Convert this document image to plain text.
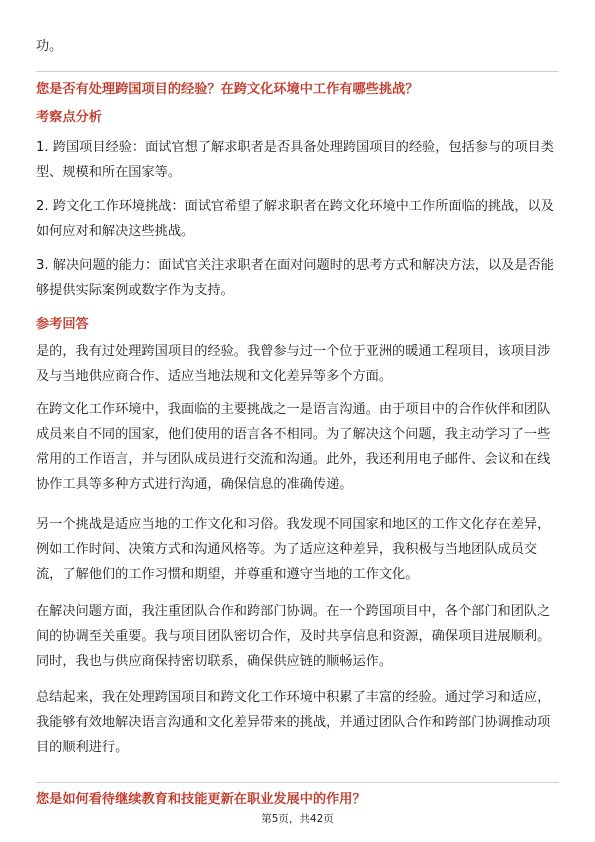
功。

您是否有处理跨国项目的经验？在跨文化环境中工作有哪些挑战？

考察点分析

1. 跨国项目经验：面试官想了解求职者是否具备处理跨国项目的经验，包括参与的项目类型、规模和所在国家等。

2. 跨文化工作环境挑战：面试官希望了解求职者在跨文化环境中工作所面临的挑战，以及如何应对和解决这些挑战。

3. 解决问题的能力：面试官关注求职者在面对问题时的思考方式和解决方法，以及是否能够提供实际案例或数字作为支持。

参考回答

是的，我有过处理跨国项目的经验。我曾参与过一个位于亚洲的暖通工程项目，该项目涉及与当地供应商合作、适应当地法规和文化差异等多个方面。

在跨文化工作环境中，我面临的主要挑战之一是语言沟通。由于项目中的合作伙伴和团队成员来自不同的国家，他们使用的语言各不相同。为了解决这个问题，我主动学习了一些常用的工作语言，并与团队成员进行交流和沟通。此外，我还利用电子邮件、会议和在线协作工具等多种方式进行沟通，确保信息的准确传递。

另一个挑战是适应当地的工作文化和习俗。我发现不同国家和地区的工作文化存在差异，例如工作时间、决策方式和沟通风格等。为了适应这种差异，我积极与当地团队成员交流，了解他们的工作习惯和期望，并尊重和遵守当地的工作文化。

在解决问题方面，我注重团队合作和跨部门协调。在一个跨国项目中，各个部门和团队之间的协调至关重要。我与项目团队密切合作，及时共享信息和资源，确保项目进展顺利。同时，我也与供应商保持密切联系，确保供应链的顺畅运作。

总结起来，我在处理跨国项目和跨文化工作环境中积累了丰富的经验。通过学习和适应，我能够有效地解决语言沟通和文化差异带来的挑战，并通过团队合作和跨部门协调推动项目的顺利进行。

您是如何看待继续教育和技能更新在职业发展中的作用？

第5页，共42页
